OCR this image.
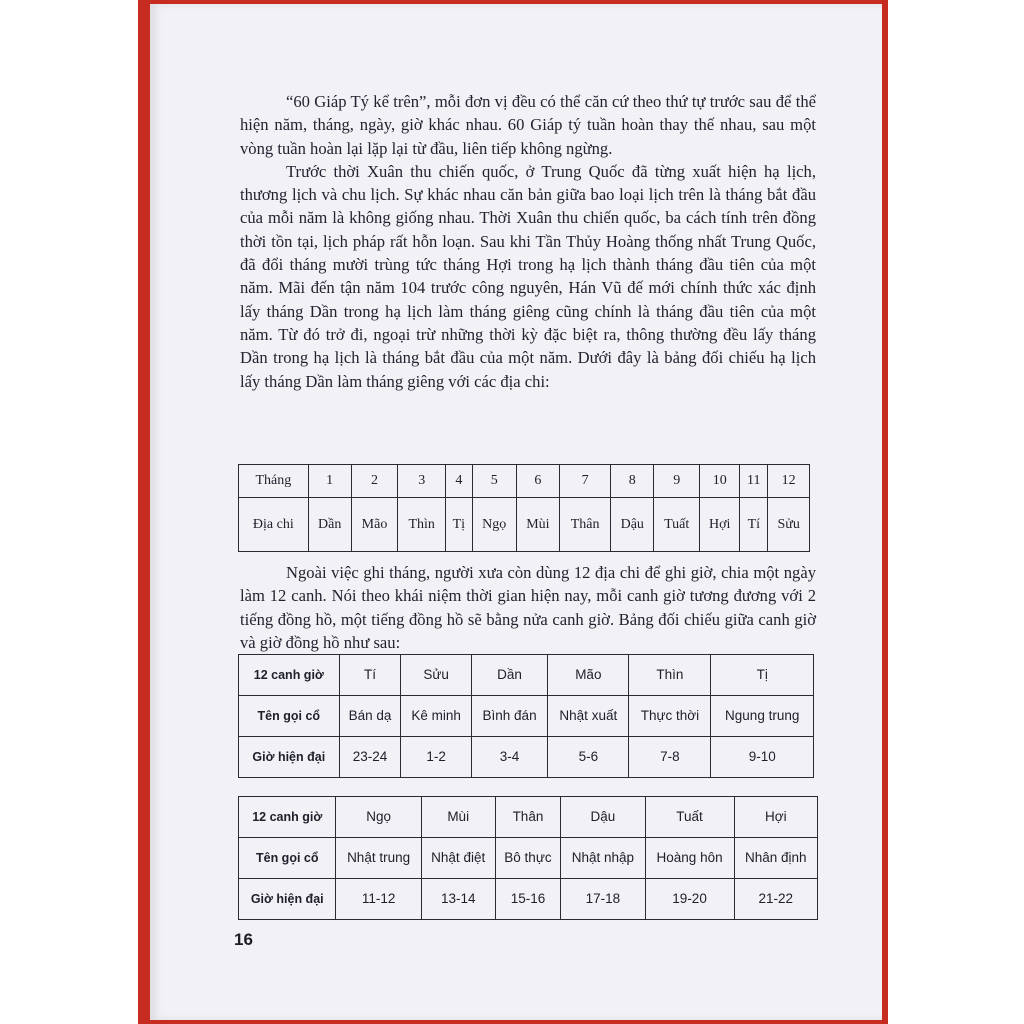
“60 Giáp Tý kể trên”, mỗi đơn vị đều có thể căn cứ theo thứ tự trước sau để thể hiện năm, tháng, ngày, giờ khác nhau. 60 Giáp tý tuần hoàn thay thế nhau, sau một vòng tuần hoàn lại lặp lại từ đầu, liên tiếp không ngừng.

Trước thời Xuân thu chiến quốc, ở Trung Quốc đã từng xuất hiện hạ lịch, thương lịch và chu lịch. Sự khác nhau căn bản giữa bao loại lịch trên là tháng bắt đầu của mỗi năm là không giống nhau. Thời Xuân thu chiến quốc, ba cách tính trên đồng thời tồn tại, lịch pháp rất hỗn loạn. Sau khi Tần Thủy Hoàng thống nhất Trung Quốc, đã đổi tháng mười trùng tức tháng Hợi trong hạ lịch thành tháng đầu tiên của một năm. Mãi đến tận năm 104 trước công nguyên, Hán Vũ đế mới chính thức xác định lấy tháng Dần trong hạ lịch làm tháng giêng cũng chính là tháng đầu tiên của một năm. Từ đó trở đi, ngoại trừ những thời kỳ đặc biệt ra, thông thường đều lấy tháng Dần trong hạ lịch là tháng bắt đầu của một năm. Dưới đây là bảng đối chiếu hạ lịch lấy tháng Dần làm tháng giêng với các địa chi:

Tháng	1	2	3	4	5	6	7	8	9	10	11	12
Địa chi	Dần	Mão	Thìn	Tị	Ngọ	Mùi	Thân	Dậu	Tuất	Hợi	Tí	Sửu

Ngoài việc ghi tháng, người xưa còn dùng 12 địa chi để ghi giờ, chia một ngày làm 12 canh. Nói theo khái niệm thời gian hiện nay, mỗi canh giờ tương đương với 2 tiếng đồng hồ, một tiếng đồng hồ sẽ bằng nửa canh giờ. Bảng đối chiếu giữa canh giờ và giờ đồng hồ như sau:

12 canh giờ	Tí	Sửu	Dần	Mão	Thìn	Tị
Tên gọi cổ	Bán dạ	Kê minh	Bình đán	Nhật xuất	Thực thời	Ngung trung
Giờ hiện đại	23-24	1-2	3-4	5-6	7-8	9-10
12 canh giờ	Ngọ	Mùi	Thân	Dậu	Tuất	Hợi
Tên gọi cổ	Nhật trung	Nhật điệt	Bô thực	Nhật nhập	Hoàng hôn	Nhân định
Giờ hiện đại	11-12	13-14	15-16	17-18	19-20	21-22
16
